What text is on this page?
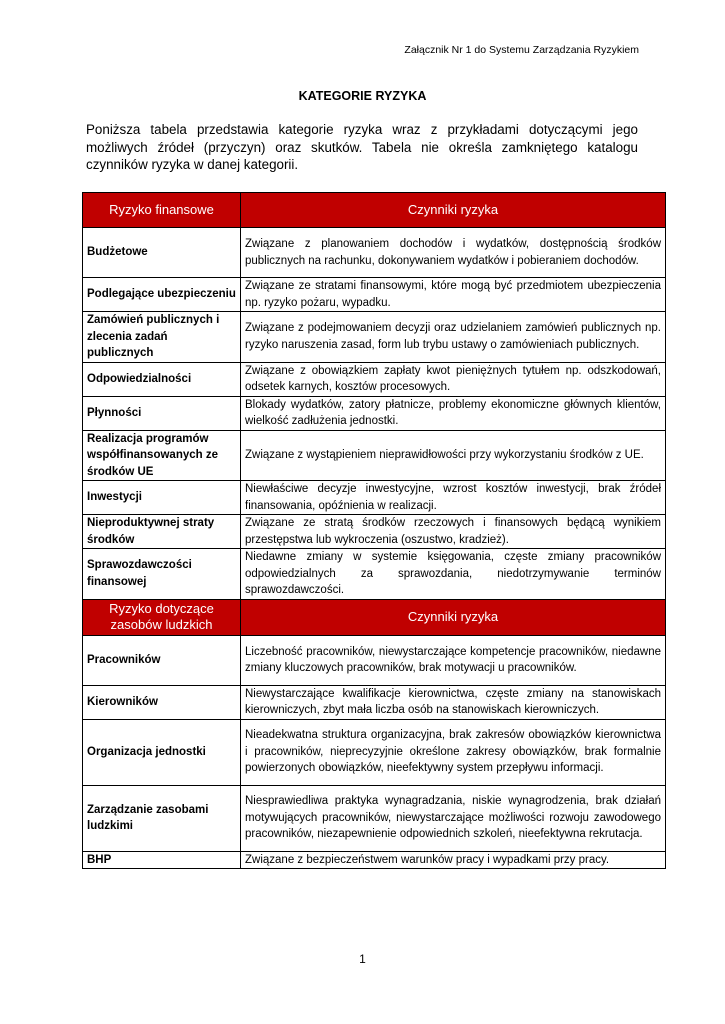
Załącznik Nr 1 do Systemu Zarządzania Ryzykiem
KATEGORIE RYZYKA
Poniższa tabela przedstawia kategorie ryzyka wraz z przykładami dotyczącymi jego możliwych źródeł (przyczyn) oraz skutków. Tabela nie określa zamkniętego katalogu czynników ryzyka w danej kategorii.
Ryzyko finansowe	Czynniki ryzyka
Budżetowe	Związane z planowaniem dochodów i wydatków, dostępnością środków publicznych na rachunku, dokonywaniem wydatków i pobieraniem dochodów.
Podlegające ubezpieczeniu	Związane ze stratami finansowymi, które mogą być przedmiotem ubezpieczenia np. ryzyko pożaru, wypadku.
Zamówień publicznych i zlecenia zadań publicznych	Związane z podejmowaniem decyzji oraz udzielaniem zamówień publicznych np. ryzyko naruszenia zasad, form lub trybu ustawy o zamówieniach publicznych.
Odpowiedzialności	Związane z obowiązkiem zapłaty kwot pieniężnych tytułem np. odszkodowań, odsetek karnych, kosztów procesowych.
Płynności	Blokady wydatków, zatory płatnicze, problemy ekonomiczne głównych klientów, wielkość zadłużenia jednostki.
Realizacja programów współfinansowanych ze środków UE	Związane z wystąpieniem nieprawidłowości przy wykorzystaniu środków z UE.
Inwestycji	Niewłaściwe decyzje inwestycyjne, wzrost kosztów inwestycji, brak źródeł finansowania, opóźnienia w realizacji.
Nieproduktywnej straty środków	Związane ze stratą środków rzeczowych i finansowych będącą wynikiem przestępstwa lub wykroczenia (oszustwo, kradzież).
Sprawozdawczości finansowej	Niedawne zmiany w systemie księgowania, częste zmiany pracowników odpowiedzialnych za sprawozdania, niedotrzymywanie terminów sprawozdawczości.
Ryzyko dotyczące zasobów ludzkich	Czynniki ryzyka
Pracowników	Liczebność pracowników, niewystarczające kompetencje pracowników, niedawne zmiany kluczowych pracowników, brak motywacji u pracowników.
Kierowników	Niewystarczające kwalifikacje kierownictwa, częste zmiany na stanowiskach kierowniczych, zbyt mała liczba osób na stanowiskach kierowniczych.
Organizacja jednostki	Nieadekwatna struktura organizacyjna, brak zakresów obowiązków kierownictwa i pracowników, nieprecyzyjnie określone zakresy obowiązków, brak formalnie powierzonych obowiązków, nieefektywny system przepływu informacji.
Zarządzanie zasobami ludzkimi	Niesprawiedliwa praktyka wynagradzania, niskie wynagrodzenia, brak działań motywujących pracowników, niewystarczające możliwości rozwoju zawodowego pracowników, niezapewnienie odpowiednich szkoleń, nieefektywna rekrutacja.
BHP	Związane z bezpieczeństwem warunków pracy i wypadkami przy pracy.
1
